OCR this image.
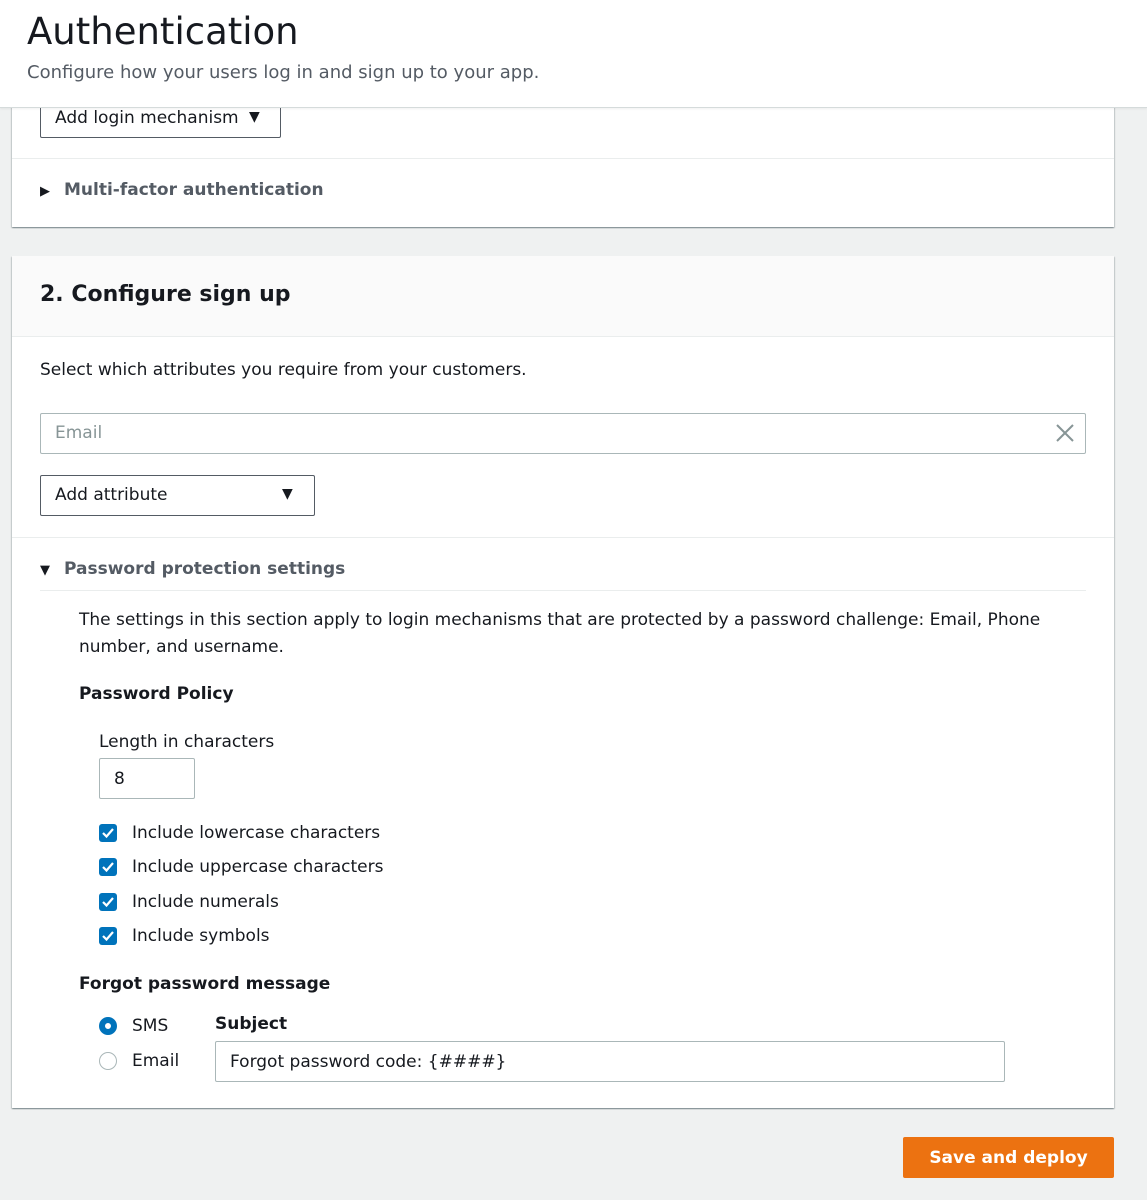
Authentication

Configure how your users log in and sign up to your app.

Add login mechanism ▼
▶ Multi-factor authentication
2. Configure sign up
Select which attributes you require from your customers.
Email
Add attribute	▼
▼ Password protection settings
The settings in this section apply to login mechanisms that are protected by a password challenge: Email, Phone number, and username.
Password Policy
Length in characters
8
Include lowercase characters
Include uppercase characters
Include numerals
Include symbols
Forgot password message
SMS
Email
Subject
Forgot password code: {####}
Save and deploy
